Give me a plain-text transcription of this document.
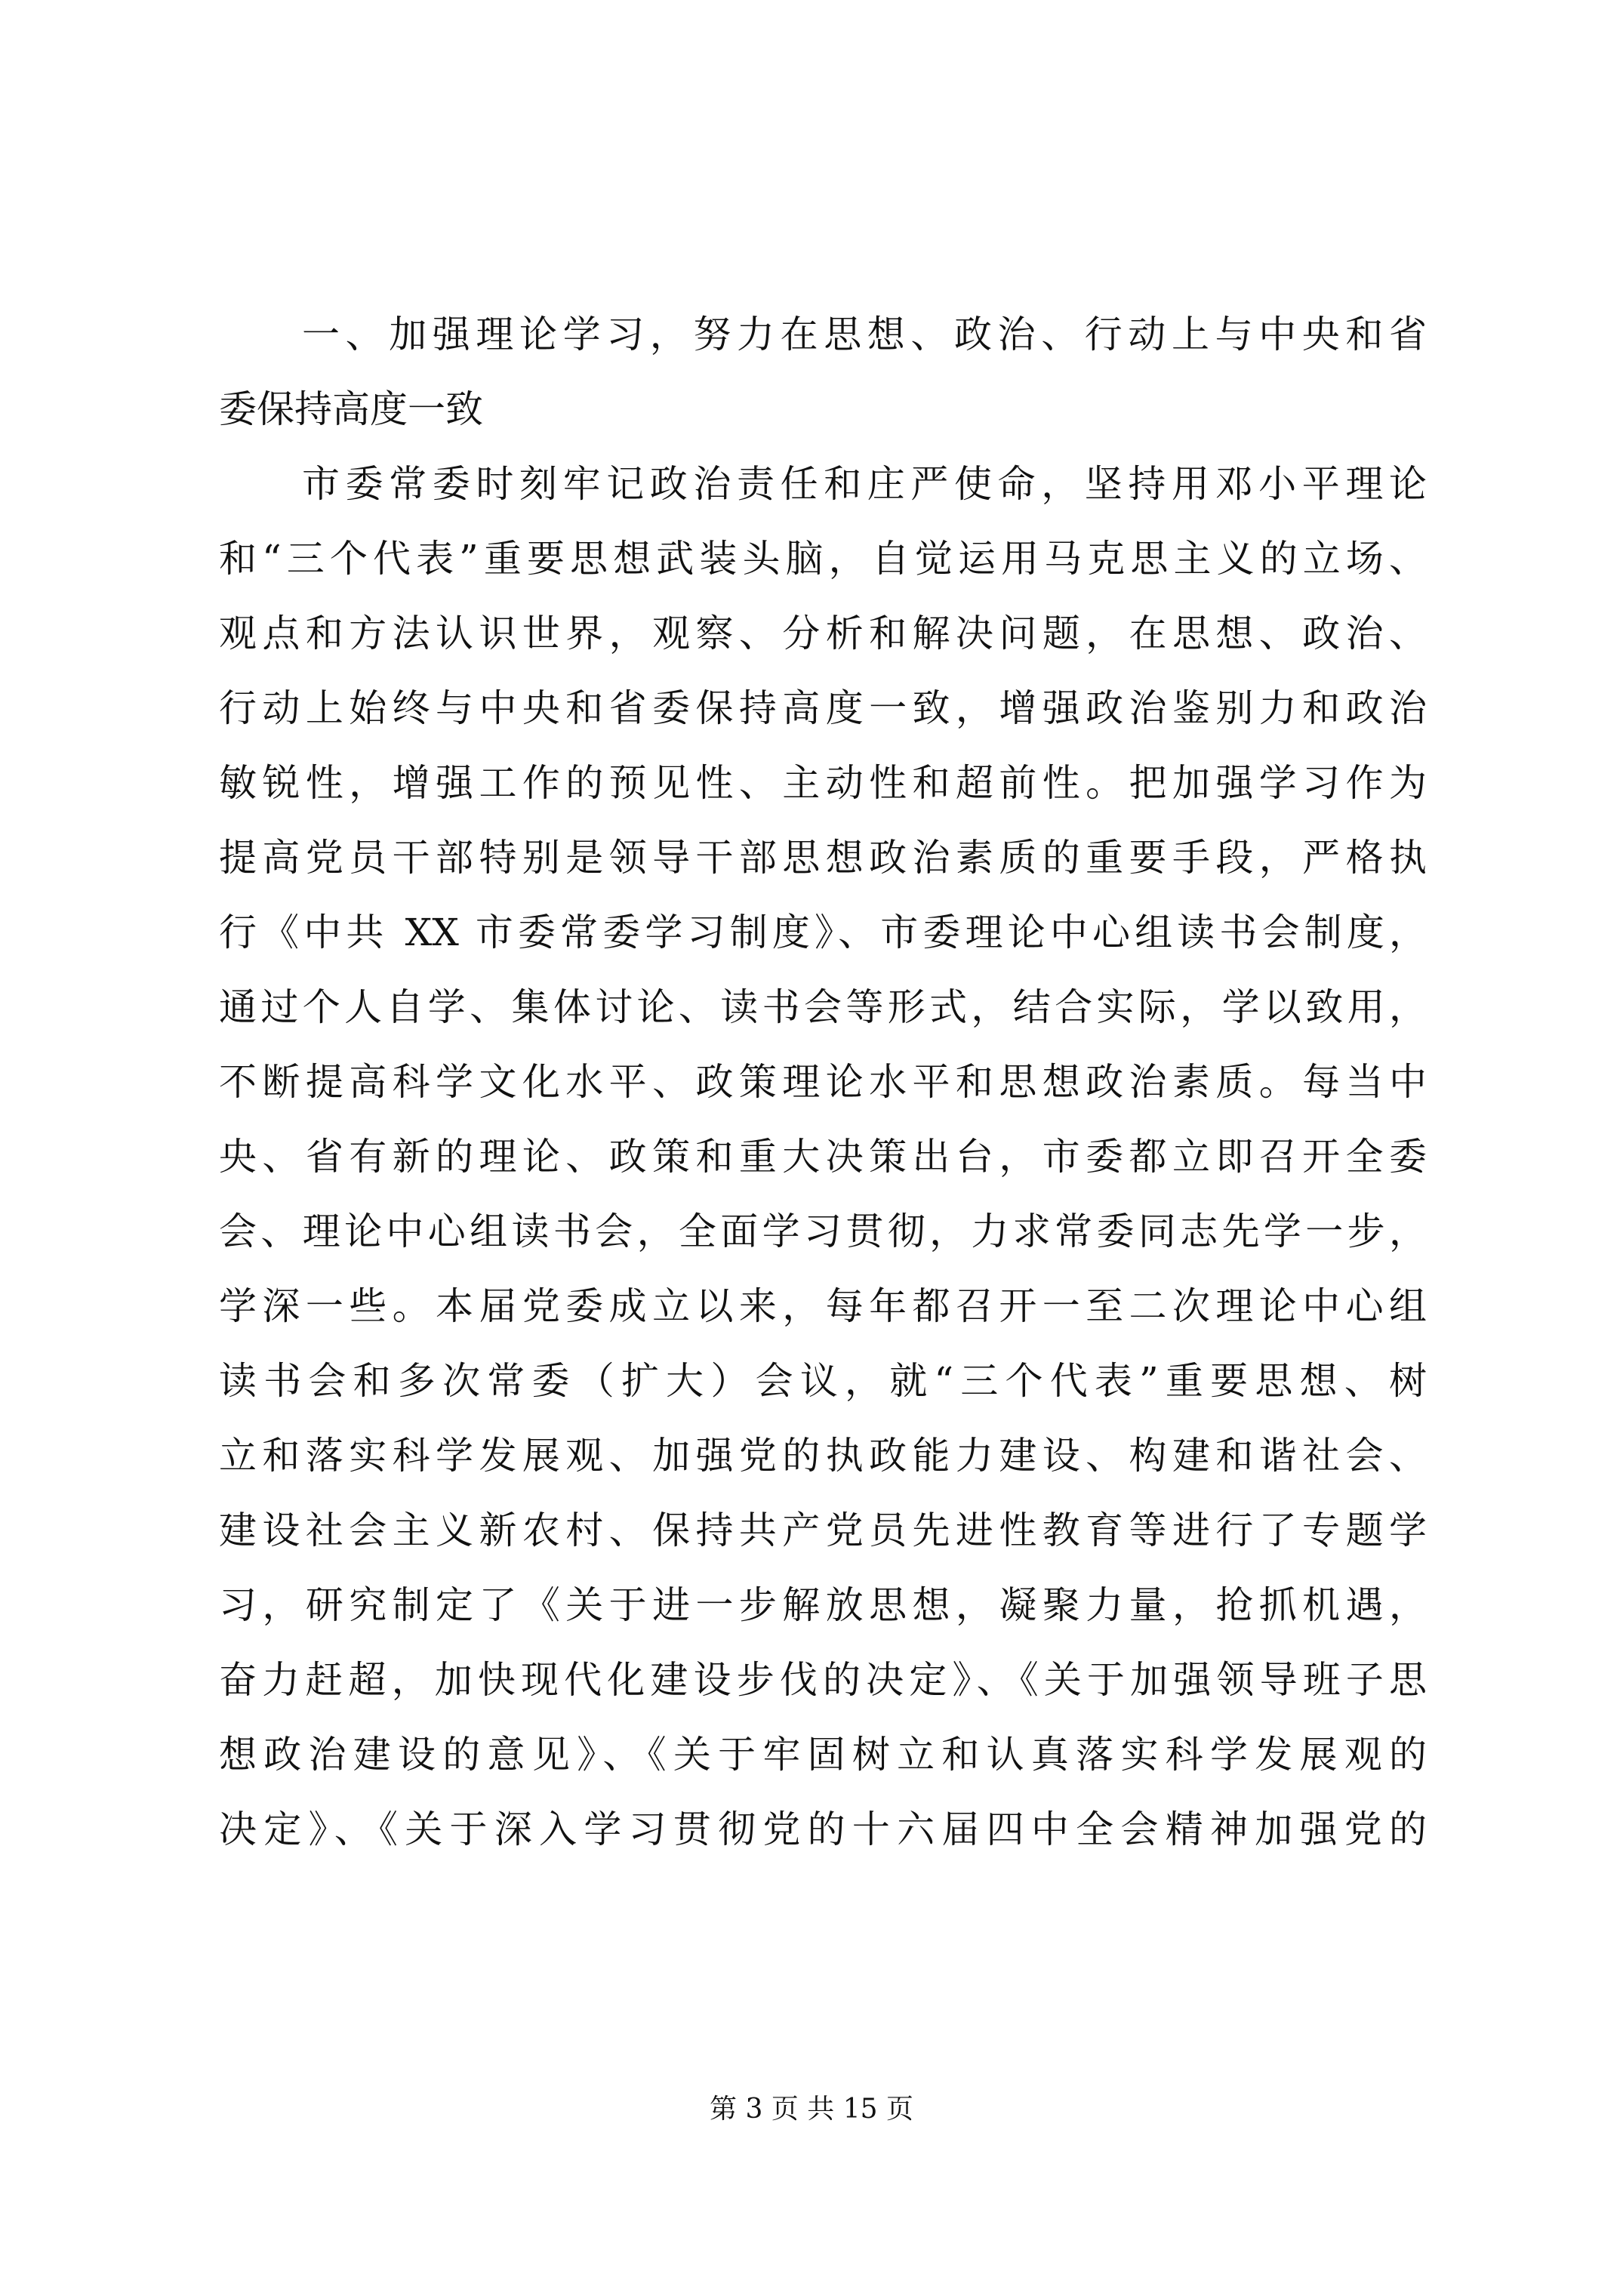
一、加强理论学习，努力在思想、政治、行动上与中央和省
委保持高度一致
市委常委时刻牢记政治责任和庄严使命，坚持用邓小平理论
和“三个代表”重要思想武装头脑，自觉运用马克思主义的立场、
观点和方法认识世界，观察、分析和解决问题，在思想、政治、
行动上始终与中央和省委保持高度一致，增强政治鉴别力和政治
敏锐性，增强工作的预见性、主动性和超前性。把加强学习作为
提高党员干部特别是领导干部思想政治素质的重要手段，严格执
行《中共 XX 市委常委学习制度》、市委理论中心组读书会制度，
通过个人自学、集体讨论、读书会等形式，结合实际，学以致用，
不断提高科学文化水平、政策理论水平和思想政治素质。每当中
央、省有新的理论、政策和重大决策出台，市委都立即召开全委
会、理论中心组读书会，全面学习贯彻，力求常委同志先学一步，
学深一些。本届党委成立以来，每年都召开一至二次理论中心组
读书会和多次常委（扩大）会议，就“三个代表”重要思想、树
立和落实科学发展观、加强党的执政能力建设、构建和谐社会、
建设社会主义新农村、保持共产党员先进性教育等进行了专题学
习，研究制定了《关于进一步解放思想，凝聚力量，抢抓机遇，
奋力赶超，加快现代化建设步伐的决定》、《关于加强领导班子思
想政治建设的意见》、《关于牢固树立和认真落实科学发展观的
决定》、《关于深入学习贯彻党的十六届四中全会精神加强党的
第 3 页 共 15 页
